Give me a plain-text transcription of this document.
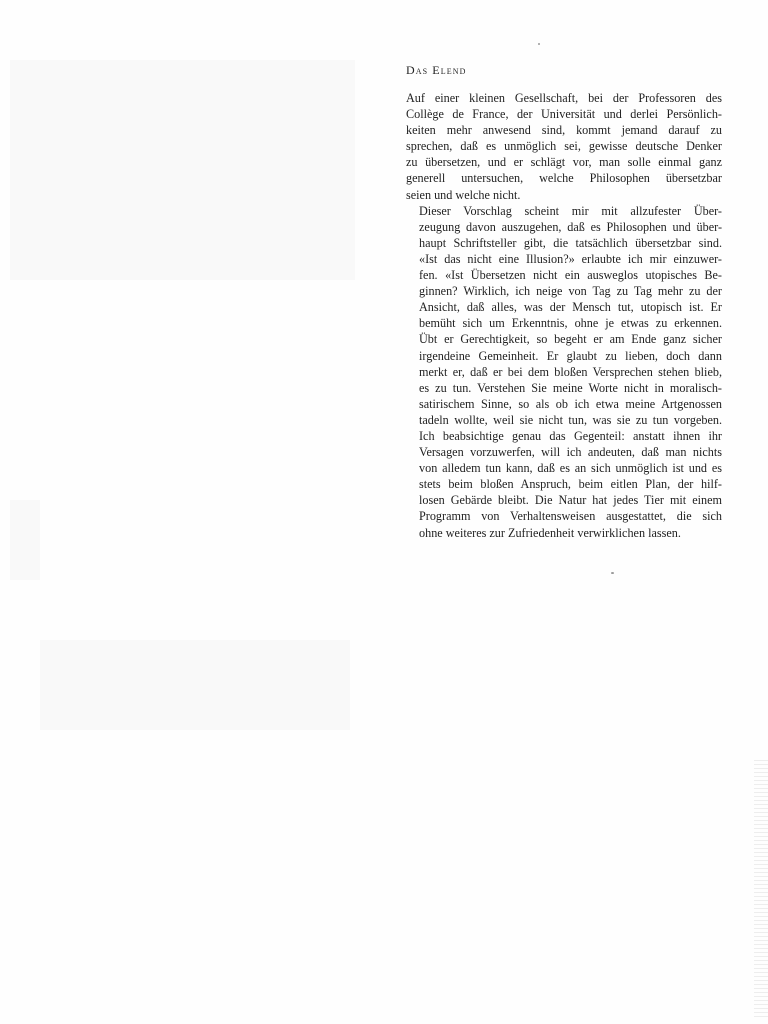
Das Elend

Auf einer kleinen Gesellschaft, bei der Professoren des
Collège de France, der Universität und derlei Persönlich-
keiten mehr anwesend sind, kommt jemand darauf zu
sprechen, daß es unmöglich sei, gewisse deutsche Denker
zu übersetzen, und er schlägt vor, man solle einmal ganz
generell untersuchen, welche Philosophen übersetzbar
seien und welche nicht.

Dieser Vorschlag scheint mir mit allzufester Über-
zeugung davon auszugehen, daß es Philosophen und über-
haupt Schriftsteller gibt, die tatsächlich übersetzbar sind.
«Ist das nicht eine Illusion?» erlaubte ich mir einzuwer-
fen. «Ist Übersetzen nicht ein ausweglos utopisches Be-
ginnen? Wirklich, ich neige von Tag zu Tag mehr zu der
Ansicht, daß alles, was der Mensch tut, utopisch ist. Er
bemüht sich um Erkenntnis, ohne je etwas zu erkennen.
Übt er Gerechtigkeit, so begeht er am Ende ganz sicher
irgendeine Gemeinheit. Er glaubt zu lieben, doch dann
merkt er, daß er bei dem bloßen Versprechen stehen blieb,
es zu tun. Verstehen Sie meine Worte nicht in moralisch-
satirischem Sinne, so als ob ich etwa meine Artgenossen
tadeln wollte, weil sie nicht tun, was sie zu tun vorgeben.
Ich beabsichtige genau das Gegenteil: anstatt ihnen ihr
Versagen vorzuwerfen, will ich andeuten, daß man nichts
von alledem tun kann, daß es an sich unmöglich ist und es
stets beim bloßen Anspruch, beim eitlen Plan, der hilf-
losen Gebärde bleibt. Die Natur hat jedes Tier mit einem
Programm von Verhaltensweisen ausgestattet, die sich
ohne weiteres zur Zufriedenheit verwirklichen lassen.
